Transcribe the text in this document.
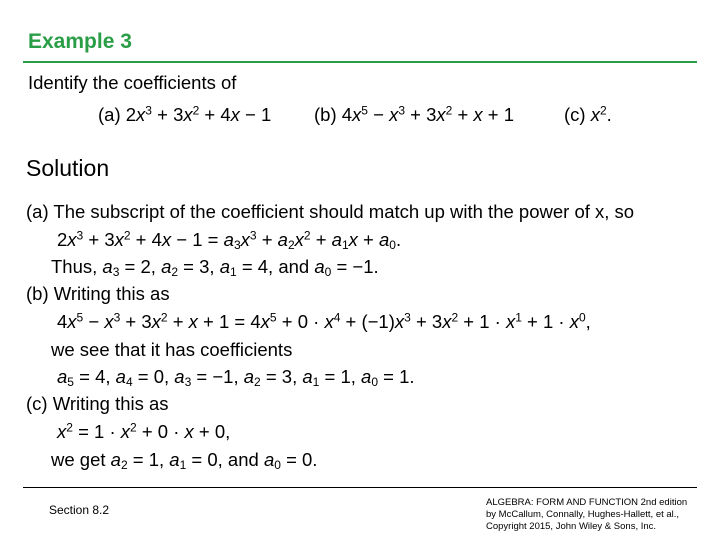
Example 3
Identify the coefficients of
(a) $2x^3 + 3x^2 + 4x - 1$ (b) $4x^5 - x^3 + 3x^2 + x + 1$	(c) $x^2$.
Solution
(a) The subscript of the coefficient should match up with the power of x, so
$2x^3 + 3x^2 + 4x - 1 = a_3x^3 + a_2x^2 + a_1x + a_0$.
Thus, $a_3 = 2$, $a_2 = 3$, $a_1 = 4$, and $a_0 = -1$.
(b) Writing this as
$4x^5 - x^3 + 3x^2 + x + 1 = 4x^5 + 0 \cdot x^4 + (-1)x^3 + 3x^2 + 1 \cdot x^1 + 1 \cdot x^0$,
we see that it has coefficients
$a_5 = 4$, $a_4 = 0$, $a_3 = -1$, $a_2 = 3$, $a_1 = 1$, $a_0 = 1$.
(c) Writing this as
$x^2 = 1 \cdot x^2 + 0 \cdot x + 0$,
we get $a_2 = 1$, $a_1 = 0$, and $a_0 = 0$.
Section 8.2
ALGEBRA: FORM AND FUNCTION 2nd edition by McCallum, Connally, Hughes-Hallett, et al., Copyright 2015, John Wiley & Sons, Inc.
